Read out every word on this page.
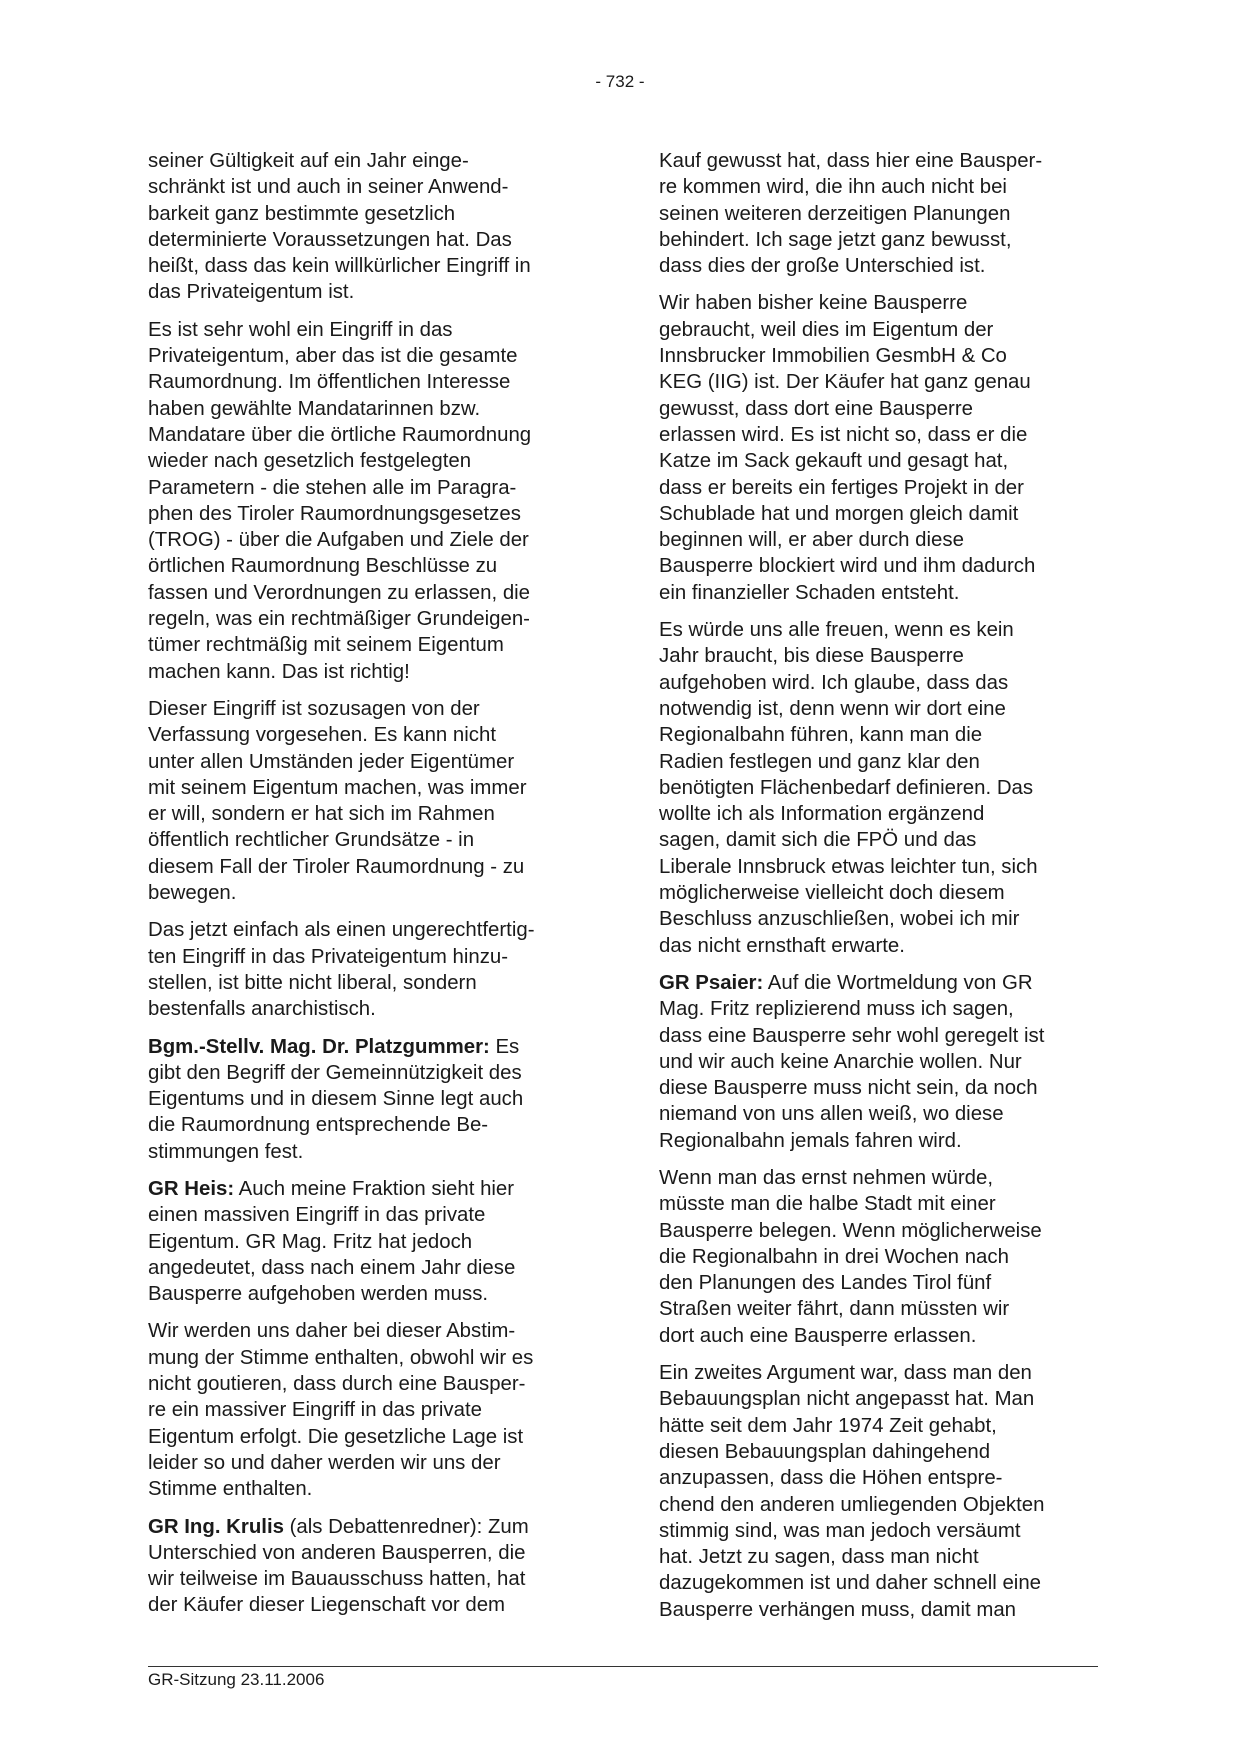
- 732 -

seiner Gültigkeit auf ein Jahr einge-
schränkt ist und auch in seiner Anwend-
barkeit ganz bestimmte gesetzlich
determinierte Voraussetzungen hat. Das
heißt, dass das kein willkürlicher Eingriff in
das Privateigentum ist.

Es ist sehr wohl ein Eingriff in das
Privateigentum, aber das ist die gesamte
Raumordnung. Im öffentlichen Interesse
haben gewählte Mandatarinnen bzw.
Mandatare über die örtliche Raumordnung
wieder nach gesetzlich festgelegten
Parametern - die stehen alle im Paragra-
phen des Tiroler Raumordnungsgesetzes
(TROG) - über die Aufgaben und Ziele der
örtlichen Raumordnung Beschlüsse zu
fassen und Verordnungen zu erlassen, die
regeln, was ein rechtmäßiger Grundeigen-
tümer rechtmäßig mit seinem Eigentum
machen kann. Das ist richtig!

Dieser Eingriff ist sozusagen von der
Verfassung vorgesehen. Es kann nicht
unter allen Umständen jeder Eigentümer
mit seinem Eigentum machen, was immer
er will, sondern er hat sich im Rahmen
öffentlich rechtlicher Grundsätze - in
diesem Fall der Tiroler Raumordnung - zu
bewegen.

Das jetzt einfach als einen ungerechtfertig-
ten Eingriff in das Privateigentum hinzu-
stellen, ist bitte nicht liberal, sondern
bestenfalls anarchistisch.

Bgm.-Stellv. Mag. Dr. Platzgummer: Es
gibt den Begriff der Gemeinnützigkeit des
Eigentums und in diesem Sinne legt auch
die Raumordnung entsprechende Be-
stimmungen fest.

GR Heis: Auch meine Fraktion sieht hier
einen massiven Eingriff in das private
Eigentum. GR Mag. Fritz hat jedoch
angedeutet, dass nach einem Jahr diese
Bausperre aufgehoben werden muss.

Wir werden uns daher bei dieser Abstim-
mung der Stimme enthalten, obwohl wir es
nicht goutieren, dass durch eine Bausper-
re ein massiver Eingriff in das private
Eigentum erfolgt. Die gesetzliche Lage ist
leider so und daher werden wir uns der
Stimme enthalten.

GR Ing. Krulis (als Debattenredner): Zum
Unterschied von anderen Bausperren, die
wir teilweise im Bauausschuss hatten, hat
der Käufer dieser Liegenschaft vor dem

Kauf gewusst hat, dass hier eine Bausper-
re kommen wird, die ihn auch nicht bei
seinen weiteren derzeitigen Planungen
behindert. Ich sage jetzt ganz bewusst,
dass dies der große Unterschied ist.

Wir haben bisher keine Bausperre
gebraucht, weil dies im Eigentum der
Innsbrucker Immobilien GesmbH & Co
KEG (IIG) ist. Der Käufer hat ganz genau
gewusst, dass dort eine Bausperre
erlassen wird. Es ist nicht so, dass er die
Katze im Sack gekauft und gesagt hat,
dass er bereits ein fertiges Projekt in der
Schublade hat und morgen gleich damit
beginnen will, er aber durch diese
Bausperre blockiert wird und ihm dadurch
ein finanzieller Schaden entsteht.

Es würde uns alle freuen, wenn es kein
Jahr braucht, bis diese Bausperre
aufgehoben wird. Ich glaube, dass das
notwendig ist, denn wenn wir dort eine
Regionalbahn führen, kann man die
Radien festlegen und ganz klar den
benötigten Flächenbedarf definieren. Das
wollte ich als Information ergänzend
sagen, damit sich die FPÖ und das
Liberale Innsbruck etwas leichter tun, sich
möglicherweise vielleicht doch diesem
Beschluss anzuschließen, wobei ich mir
das nicht ernsthaft erwarte.

GR Psaier: Auf die Wortmeldung von GR
Mag. Fritz replizierend muss ich sagen,
dass eine Bausperre sehr wohl geregelt ist
und wir auch keine Anarchie wollen. Nur
diese Bausperre muss nicht sein, da noch
niemand von uns allen weiß, wo diese
Regionalbahn jemals fahren wird.

Wenn man das ernst nehmen würde,
müsste man die halbe Stadt mit einer
Bausperre belegen. Wenn möglicherweise
die Regionalbahn in drei Wochen nach
den Planungen des Landes Tirol fünf
Straßen weiter fährt, dann müssten wir
dort auch eine Bausperre erlassen.

Ein zweites Argument war, dass man den
Bebauungsplan nicht angepasst hat. Man
hätte seit dem Jahr 1974 Zeit gehabt,
diesen Bebauungsplan dahingehend
anzupassen, dass die Höhen entspre-
chend den anderen umliegenden Objekten
stimmig sind, was man jedoch versäumt
hat. Jetzt zu sagen, dass man nicht
dazugekommen ist und daher schnell eine
Bausperre verhängen muss, damit man

GR-Sitzung 23.11.2006
